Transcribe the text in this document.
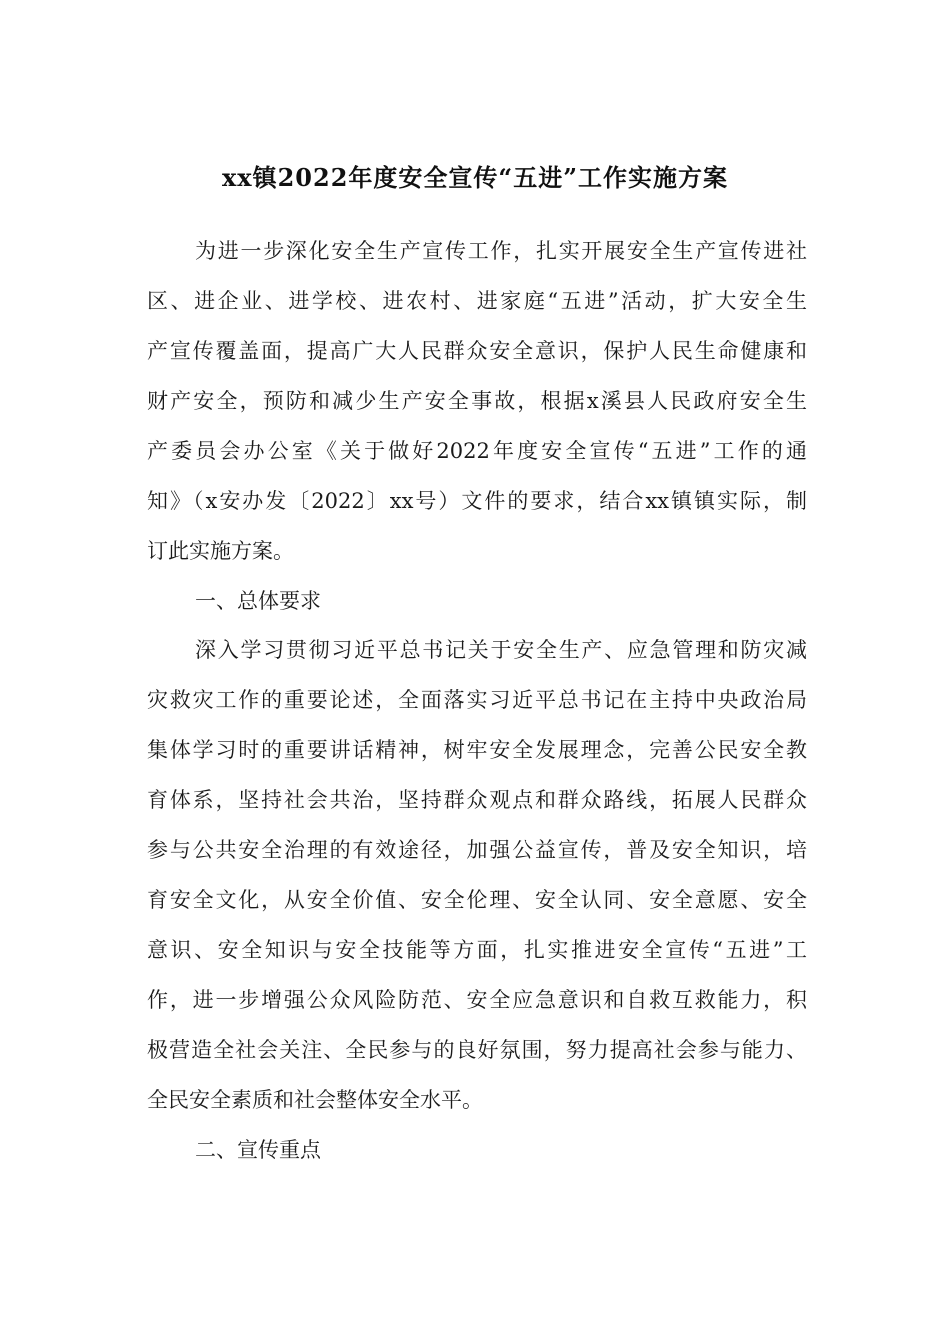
xx镇2022年度安全宣传“五进”工作实施方案
为进一步深化安全生产宣传工作，扎实开展安全生产宣传进社
区、进企业、进学校、进农村、进家庭“五进”活动，扩大安全生
产宣传覆盖面，提高广大人民群众安全意识，保护人民生命健康和
财产安全，预防和减少生产安全事故，根据x溪县人民政府安全生
产委员会办公室《关于做好2022年度安全宣传“五进”工作的通
知》（x安办发〔2022〕xx号）文件的要求，结合xx镇镇实际，制
订此实施方案。
一、总体要求
深入学习贯彻习近平总书记关于安全生产、应急管理和防灾减
灾救灾工作的重要论述，全面落实习近平总书记在主持中央政治局
集体学习时的重要讲话精神，树牢安全发展理念，完善公民安全教
育体系，坚持社会共治，坚持群众观点和群众路线，拓展人民群众
参与公共安全治理的有效途径，加强公益宣传，普及安全知识，培
育安全文化，从安全价值、安全伦理、安全认同、安全意愿、安全
意识、安全知识与安全技能等方面，扎实推进安全宣传“五进”工
作，进一步增强公众风险防范、安全应急意识和自救互救能力，积
极营造全社会关注、全民参与的良好氛围，努力提高社会参与能力、
全民安全素质和社会整体安全水平。
二、宣传重点
